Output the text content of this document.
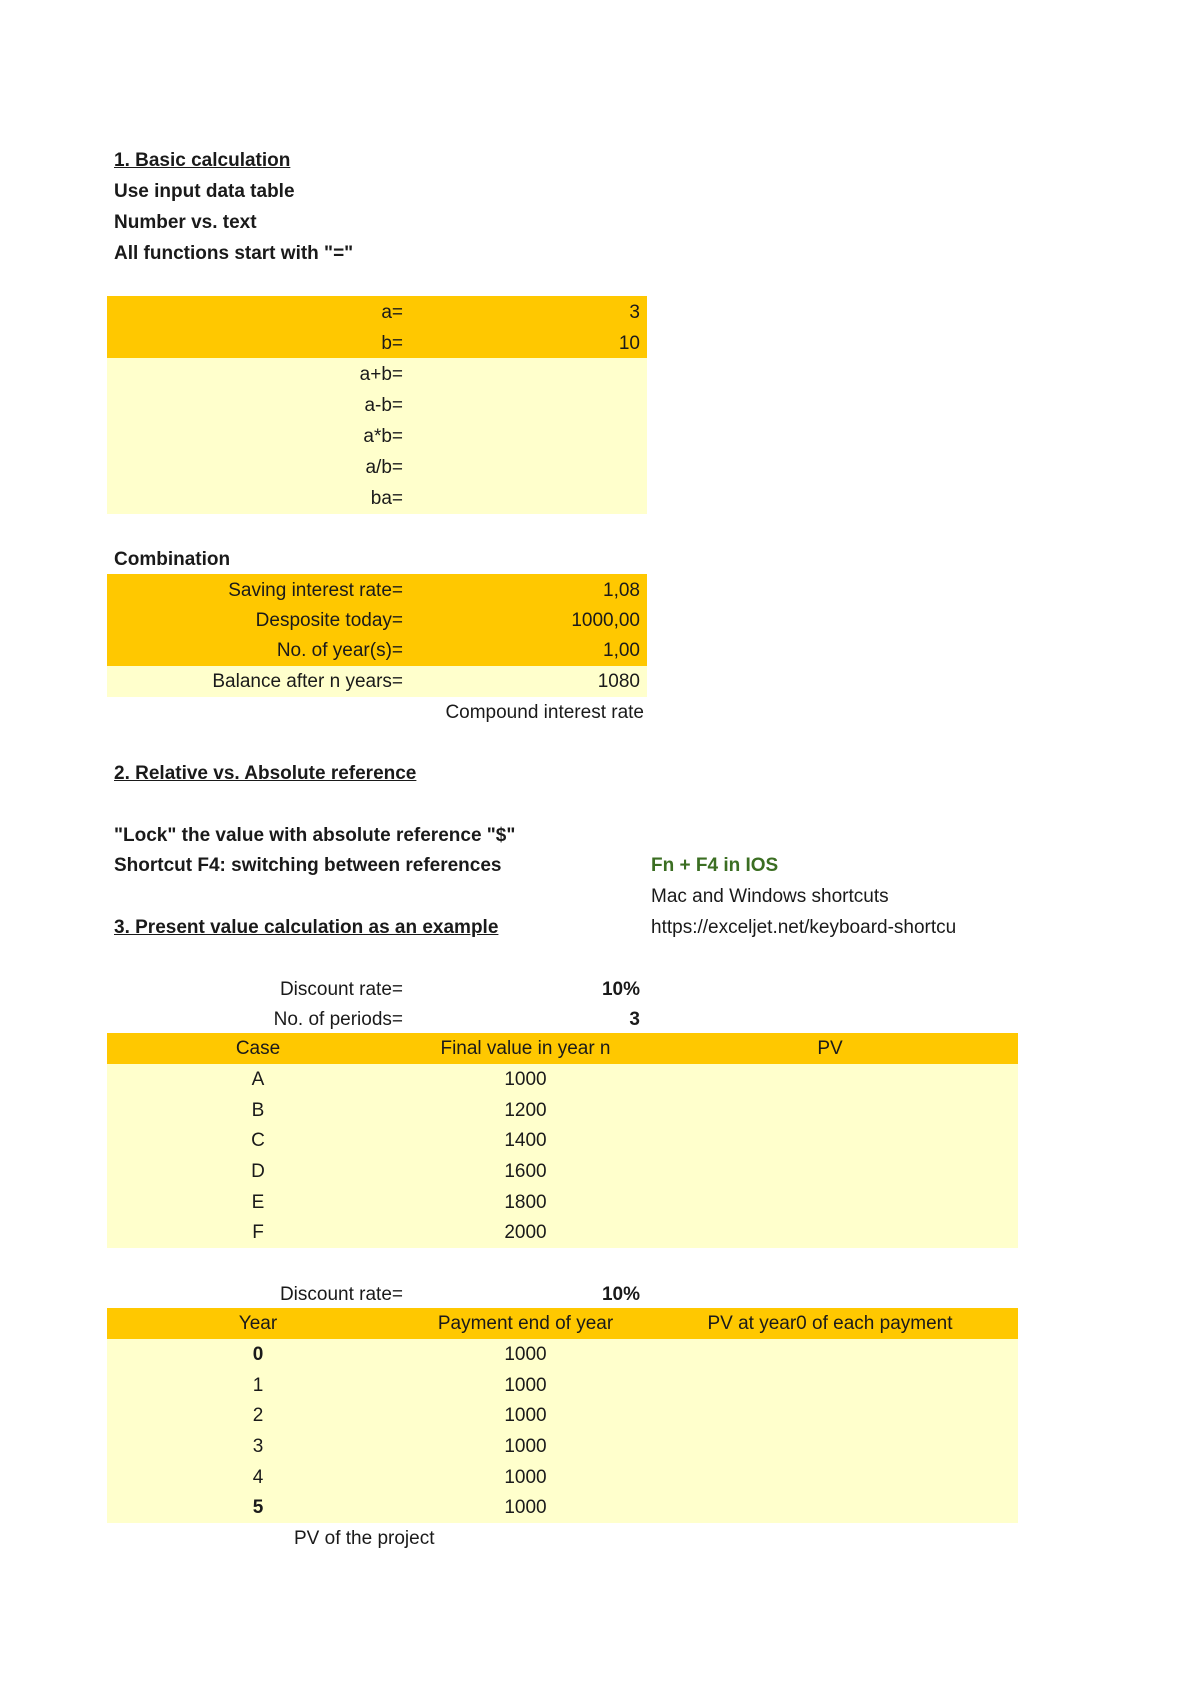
1. Basic calculation
Use input data table
Number vs. text
All functions start with "="
a=	3
b=	10
a+b=
a-b=
a*b=
a/b=
ba=
Combination
Saving interest rate=	1,08
Desposite today=	1000,00
No. of year(s)=	1,00
Balance after n years=	1080
Compound interest rate
2. Relative vs. Absolute reference
"Lock" the value with absolute reference "$"
Shortcut F4: switching between references	Fn + F4 in IOS
Mac and Windows shortcuts
https://exceljet.net/keyboard-shortcu
3. Present value calculation as an example
Discount rate=	10%
No. of periods=	3
Case	Final value in year n	PV
A	1000
B	1200
C	1400
D	1600
E	1800
F	2000
Discount rate=	10%
Year	Payment end of year	PV at year0 of each payment
0	1000
1	1000
2	1000
3	1000
4	1000
5	1000
PV of the project
